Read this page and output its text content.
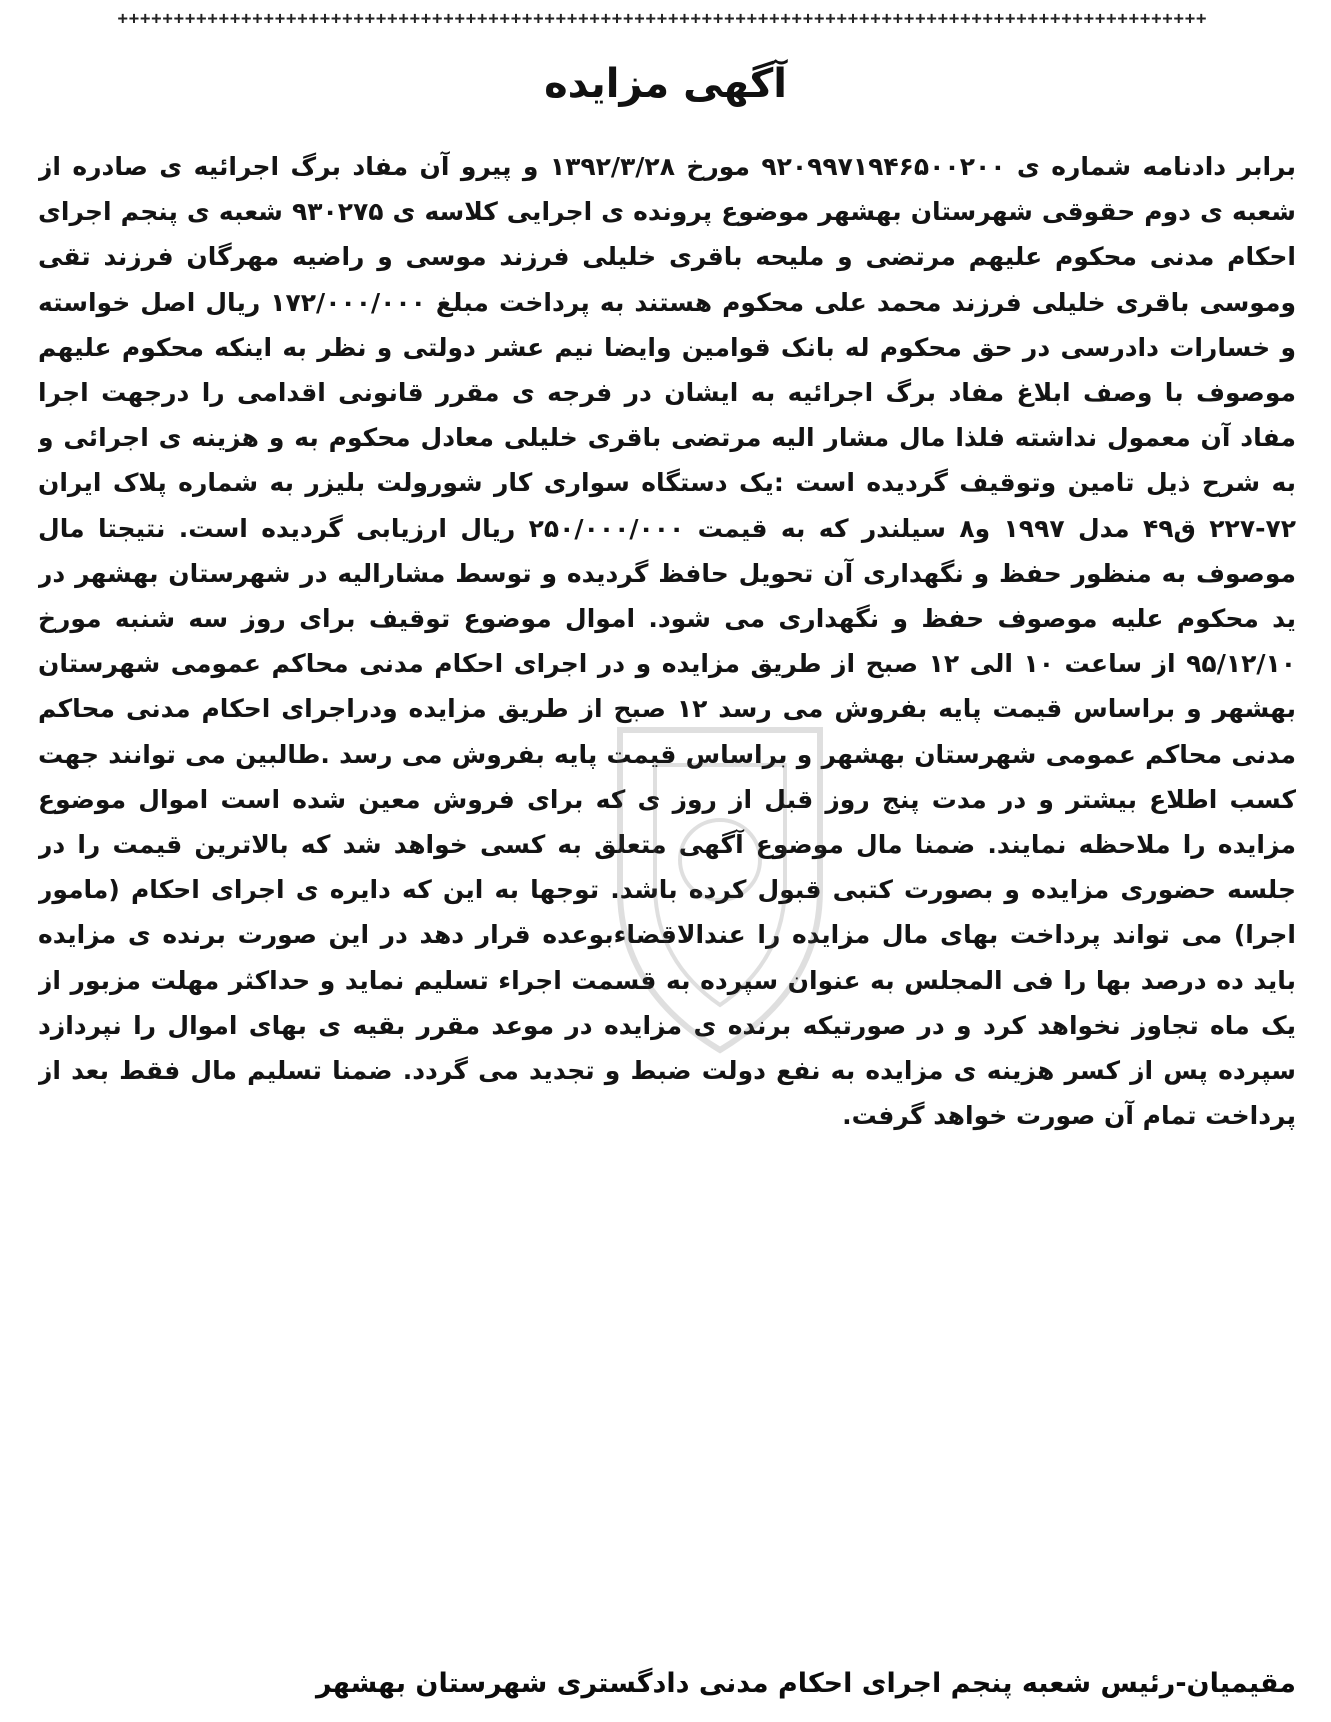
+++++++++++++++++++++++++++++++++++++++++++++++++++++++++++++++++++++++++++++++++++++++++++++++++
آگهی مزایده
برابر دادنامه شماره ی ۹۲۰۹۹۷۱۹۴۶۵۰۰۲۰۰ مورخ ۱۳۹۲/۳/۲۸ و پیرو آن مفاد برگ اجرائیه ی صادره از شعبه ی دوم حقوقی شهرستان بهشهر موضوع پرونده ی اجرایی کلاسه ی ۹۳۰۲۷۵ شعبه ی پنجم اجرای احکام مدنی محکوم علیهم مرتضی و ملیحه باقری خلیلی فرزند موسی و راضیه مهرگان فرزند تقی وموسی باقری خلیلی فرزند محمد علی محکوم هستند به پرداخت مبلغ ۱۷۲/۰۰۰/۰۰۰ ریال اصل خواسته و خسارات دادرسی در حق محکوم له بانک قوامین وایضا نیم عشر دولتی و نظر به اینکه محکوم علیهم موصوف با وصف ابلاغ مفاد برگ اجرائیه به ایشان در فرجه ی مقرر قانونی اقدامی را درجهت اجرا مفاد آن معمول نداشته فلذا مال مشار الیه مرتضی باقری خلیلی معادل محکوم به و هزینه ی اجرائی و به شرح ذیل تامین وتوقیف گردیده است :یک دستگاه سواری کار شورولت بلیزر به شماره پلاک ایران ۷۲-۲۲۷ ق۴۹ مدل ۱۹۹۷ و۸ سیلندر که به قیمت ۲۵۰/۰۰۰/۰۰۰ ریال ارزیابی گردیده است. نتیجتا مال موصوف به منظور حفظ و نگهداری آن تحویل حافظ گردیده و توسط مشارالیه در شهرستان بهشهر در ید محکوم علیه موصوف حفظ و نگهداری می شود. اموال موضوع توقیف برای روز سه شنبه مورخ ۹۵/۱۲/۱۰ از ساعت ۱۰ الی ۱۲ صبح از طریق مزایده و در اجرای احکام مدنی محاکم عمومی شهرستان بهشهر و براساس قیمت پایه بفروش می رسد ۱۲ صبح از طریق مزایده ودراجرای احکام مدنی محاکم مدنی محاکم عمومی شهرستان بهشهر و براساس قیمت پایه بفروش می رسد .طالبین می توانند جهت کسب اطلاع بیشتر و در مدت پنج روز قبل از روز ی که برای فروش معین شده است اموال موضوع مزایده را ملاحظه نمایند. ضمنا مال موضوع آگهی متعلق به کسی خواهد شد که بالاترین قیمت را در جلسه حضوری مزایده و بصورت کتبی قبول کرده باشد. توجها به این که دایره ی اجرای احکام (مامور اجرا) می تواند پرداخت بهای مال مزایده را عندالاقضاءبوعده قرار دهد در این صورت برنده ی مزایده باید ده درصد بها را فی المجلس به عنوان سپرده به قسمت اجراء تسلیم نماید و حداکثر مهلت مزبور از یک ماه تجاوز نخواهد کرد و در صورتیکه برنده ی مزایده در موعد مقرر بقیه ی بهای اموال را نپردازد سپرده پس از کسر هزینه ی مزایده به نفع دولت ضبط و تجدید می گردد. ضمنا تسلیم مال فقط بعد از پرداخت تمام آن صورت خواهد گرفت.
مقیمیان-رئیس شعبه پنجم اجرای احکام مدنی دادگستری شهرستان بهشهر
